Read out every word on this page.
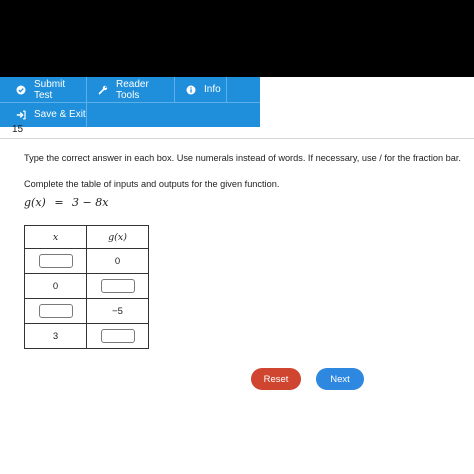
Submit Test
Reader Tools	Info
Save & Exit
15
Type the correct answer in each box. Use numerals instead of words. If necessary, use / for the fraction bar.
Complete the table of inputs and outputs for the given function.
g(x) = 3 − 8x
x	g(x)
	0
0	
	−5
3	
Reset	Next
